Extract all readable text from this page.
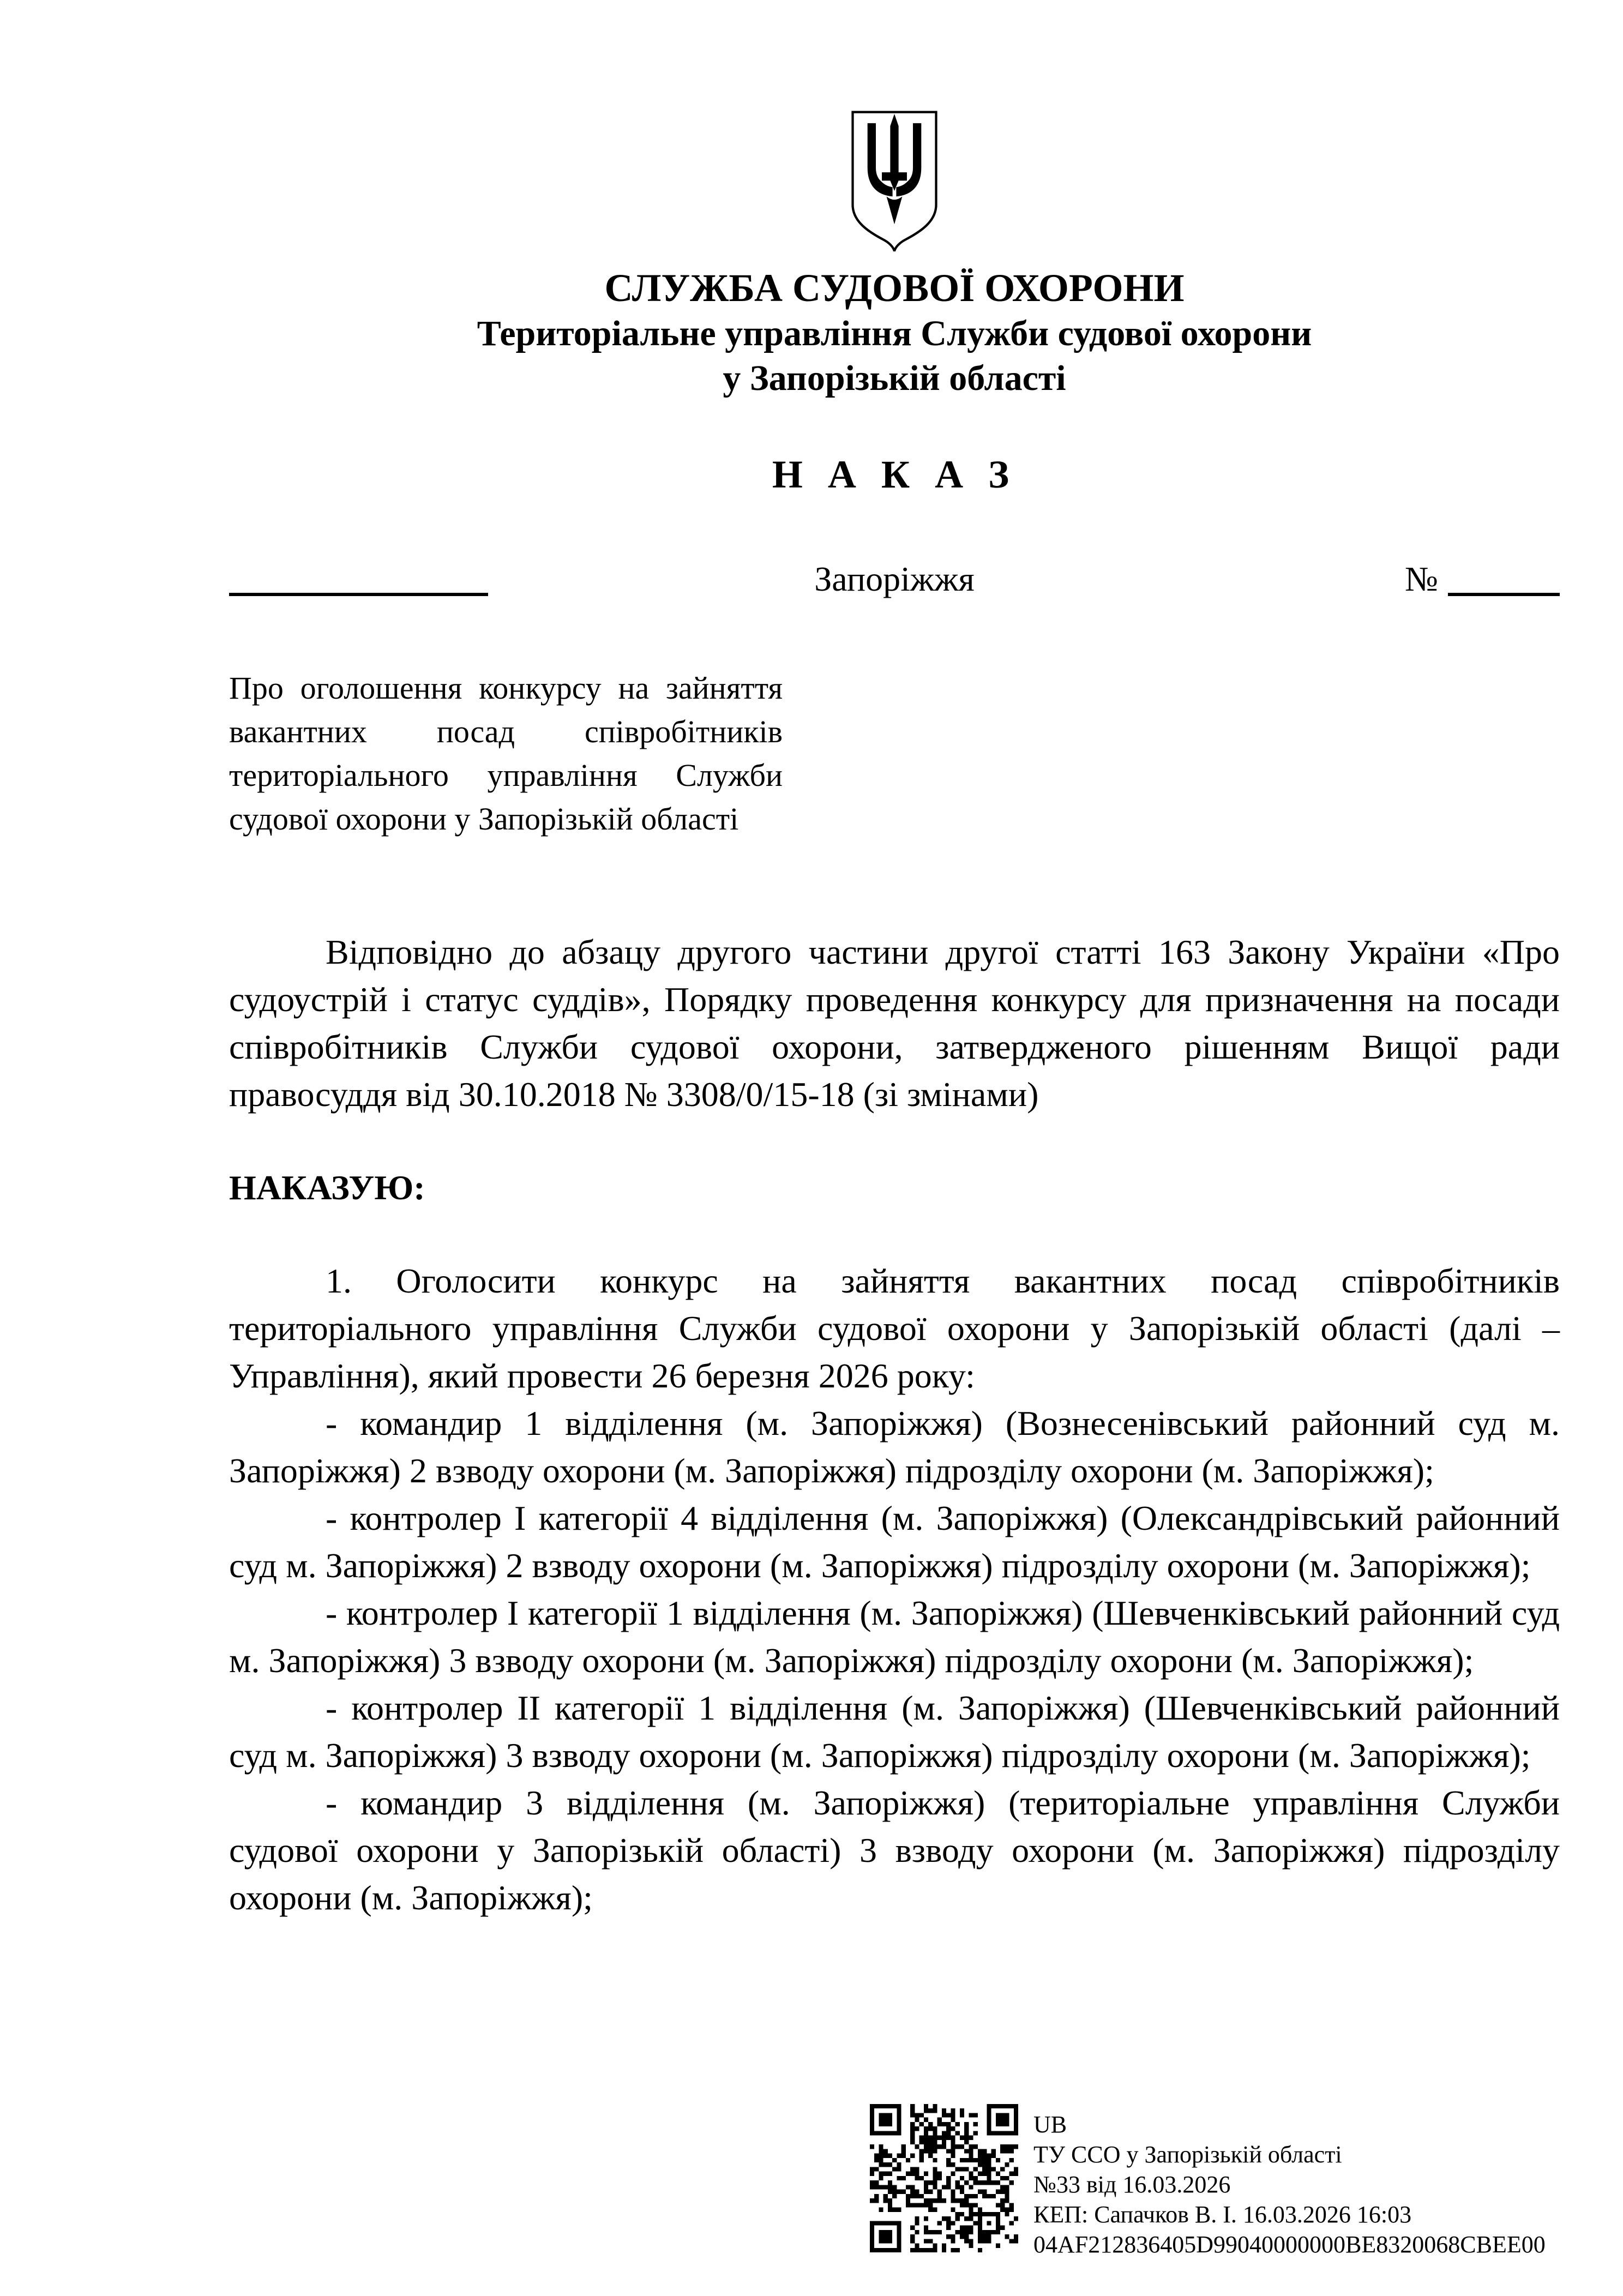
СЛУЖБА СУДОВОЇ ОХОРОНИ
Територіальне управління Служби судової охорони
у Запорізькій області
Н А К А З
Запоріжжя	№
Про оголошення конкурсу на зайняття вакантних посад співробітників територіального управління Служби судової охорони у Запорізькій області

Відповідно до абзацу другого частини другої статті 163 Закону України «Про судоустрій і статус суддів», Порядку проведення конкурсу для призначення на посади співробітників Служби судової охорони, затвердженого рішенням Вищої ради правосуддя від 30.10.2018 № 3308/0/15-18 (зі змінами)

НАКАЗУЮ:

1. Оголосити конкурс на зайняття вакантних посад співробітників територіального управління Служби судової охорони у Запорізькій області (далі – Управління), який провести 26 березня 2026 року:

- командир 1 відділення (м. Запоріжжя) (Вознесенівський районний суд м. Запоріжжя) 2 взводу охорони (м. Запоріжжя) підрозділу охорони (м. Запоріжжя);

- контролер І категорії 4 відділення (м. Запоріжжя) (Олександрівський районний суд м. Запоріжжя) 2 взводу охорони (м. Запоріжжя) підрозділу охорони (м. Запоріжжя);

- контролер І категорії 1 відділення (м. Запоріжжя) (Шевченківський районний суд м. Запоріжжя) 3 взводу охорони (м. Запоріжжя) підрозділу охорони (м. Запоріжжя);

- контролер ІІ категорії 1 відділення (м. Запоріжжя) (Шевченківський районний суд м. Запоріжжя) 3 взводу охорони (м. Запоріжжя) підрозділу охорони (м. Запоріжжя);

- командир 3 відділення (м. Запоріжжя) (територіальне управління Служби судової охорони у Запорізькій області) 3 взводу охорони (м. Запоріжжя) підрозділу охорони (м. Запоріжжя);

UB
ТУ ССО у Запорізькій області
№33 від 16.03.2026
КЕП: Сапачков В. І. 16.03.2026 16:03
04AF212836405D99040000000BE8320068CBEE00
